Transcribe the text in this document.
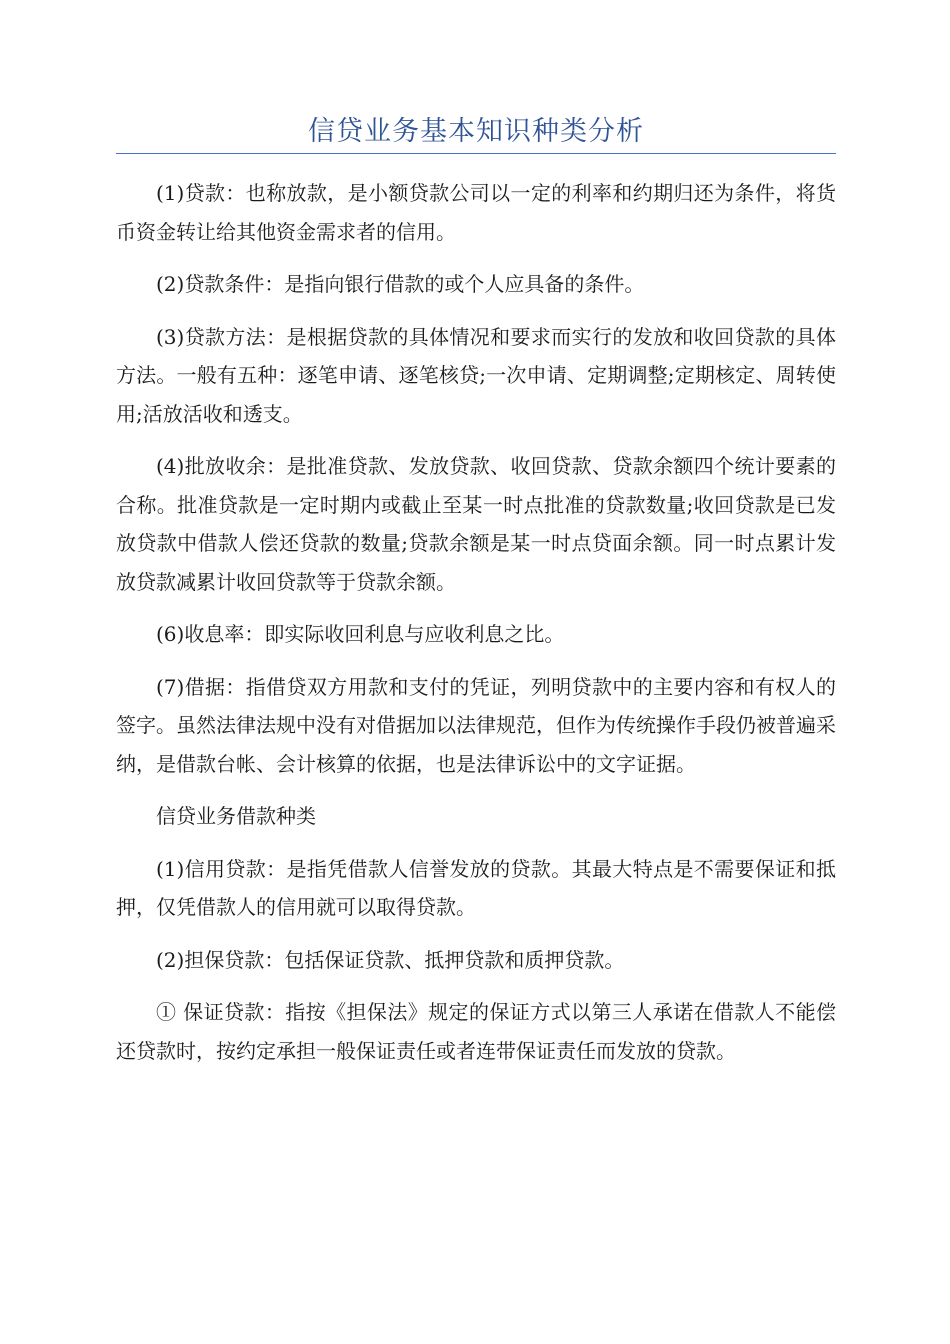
信贷业务基本知识种类分析

(1)贷款：也称放款，是小额贷款公司以一定的利率和约期归还为条件，将货币资金转让给其他资金需求者的信用。

(2)贷款条件：是指向银行借款的或个人应具备的条件。

(3)贷款方法：是根据贷款的具体情况和要求而实行的发放和收回贷款的具体方法。一般有五种：逐笔申请、逐笔核贷;一次申请、定期调整;定期核定、周转使用;活放活收和透支。

(4)批放收余：是批准贷款、发放贷款、收回贷款、贷款余额四个统计要素的合称。批准贷款是一定时期内或截止至某一时点批准的贷款数量;收回贷款是已发放贷款中借款人偿还贷款的数量;贷款余额是某一时点贷面余额。同一时点累计发放贷款减累计收回贷款等于贷款余额。

(6)收息率：即实际收回利息与应收利息之比。

(7)借据：指借贷双方用款和支付的凭证，列明贷款中的主要内容和有权人的签字。虽然法律法规中没有对借据加以法律规范，但作为传统操作手段仍被普遍采纳，是借款台帐、会计核算的依据，也是法律诉讼中的文字证据。

信贷业务借款种类

(1)信用贷款：是指凭借款人信誉发放的贷款。其最大特点是不需要保证和抵押，仅凭借款人的信用就可以取得贷款。

(2)担保贷款：包括保证贷款、抵押贷款和质押贷款。

① 保证贷款：指按《担保法》规定的保证方式以第三人承诺在借款人不能偿还贷款时，按约定承担一般保证责任或者连带保证责任而发放的贷款。
